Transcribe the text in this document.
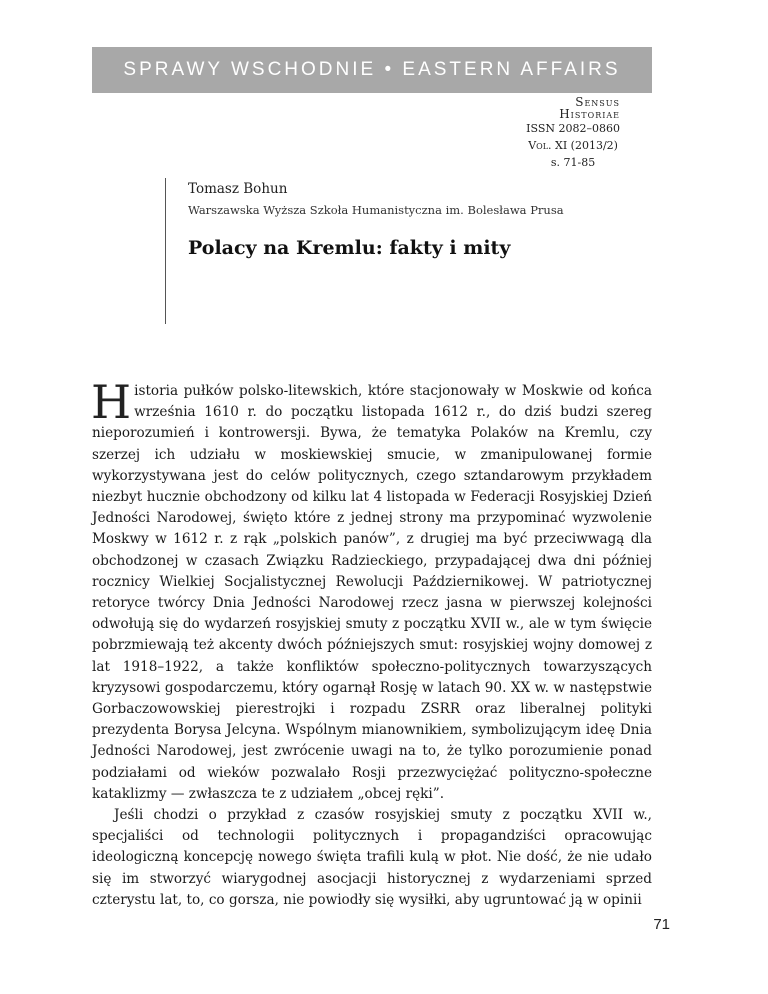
SPRAWY WSCHODNIE • EASTERN AFFAIRS
Sensus
Historiae
ISSN 2082–0860
Vol. XI (2013/2)
s. 71-85
Tomasz Bohun
Warszawska Wyższa Szkoła Humanistyczna im. Bolesława Prusa
Polacy na Kremlu: fakty i mity

Historia pułków polsko-litewskich, które stacjonowały w Moskwie od końca września 1610 r. do początku listopada 1612 r., do dziś budzi szereg nieporozumień i kontrowersji. Bywa, że tematyka Polaków na Kremlu, czy szerzej ich udziału w moskiewskiej smucie, w zmanipulowanej formie wykorzystywana jest do celów politycznych, czego sztandarowym przykładem niezbyt hucznie obchodzony od kilku lat 4 listopada w Federacji Rosyjskiej Dzień Jedności Narodowej, święto które z jednej strony ma przypominać wyzwolenie Moskwy w 1612 r. z rąk „polskich panów”, z drugiej ma być przeciwwagą dla obchodzonej w czasach Związku Radzieckiego, przypadającej dwa dni później rocznicy Wielkiej Socjalistycznej Rewolucji Październikowej. W patriotycznej retoryce twórcy Dnia Jedności Narodowej rzecz jasna w pierwszej kolejności odwołują się do wydarzeń rosyjskiej smuty z początku XVII w., ale w tym święcie pobrzmiewają też akcenty dwóch późniejszych smut: rosyjskiej wojny domowej z lat 1918–1922, a także konfliktów społeczno-politycznych towarzyszących kryzysowi gospodarczemu, który ogarnął Rosję w latach 90. XX w. w następstwie Gorbaczowowskiej pierestrojki i rozpadu ZSRR oraz liberalnej polityki prezydenta Borysa Jelcyna. Wspólnym mianownikiem, symbolizującym ideę Dnia Jedności Narodowej, jest zwrócenie uwagi na to, że tylko porozumienie ponad podziałami od wieków pozwalało Rosji przezwyciężać polityczno-społeczne kataklizmy — zwłaszcza te z udziałem „obcej ręki”.

Jeśli chodzi o przykład z czasów rosyjskiej smuty z początku XVII w., specjaliści od technologii politycznych i propagandziści opracowując ideologiczną koncepcję nowego święta trafili kulą w płot. Nie dość, że nie udało się im stworzyć wiarygodnej asocjacji historycznej z wydarzeniami sprzed czterystu lat, to, co gorsza, nie powiodły się wysiłki, aby ugruntować ją w opinii

71
